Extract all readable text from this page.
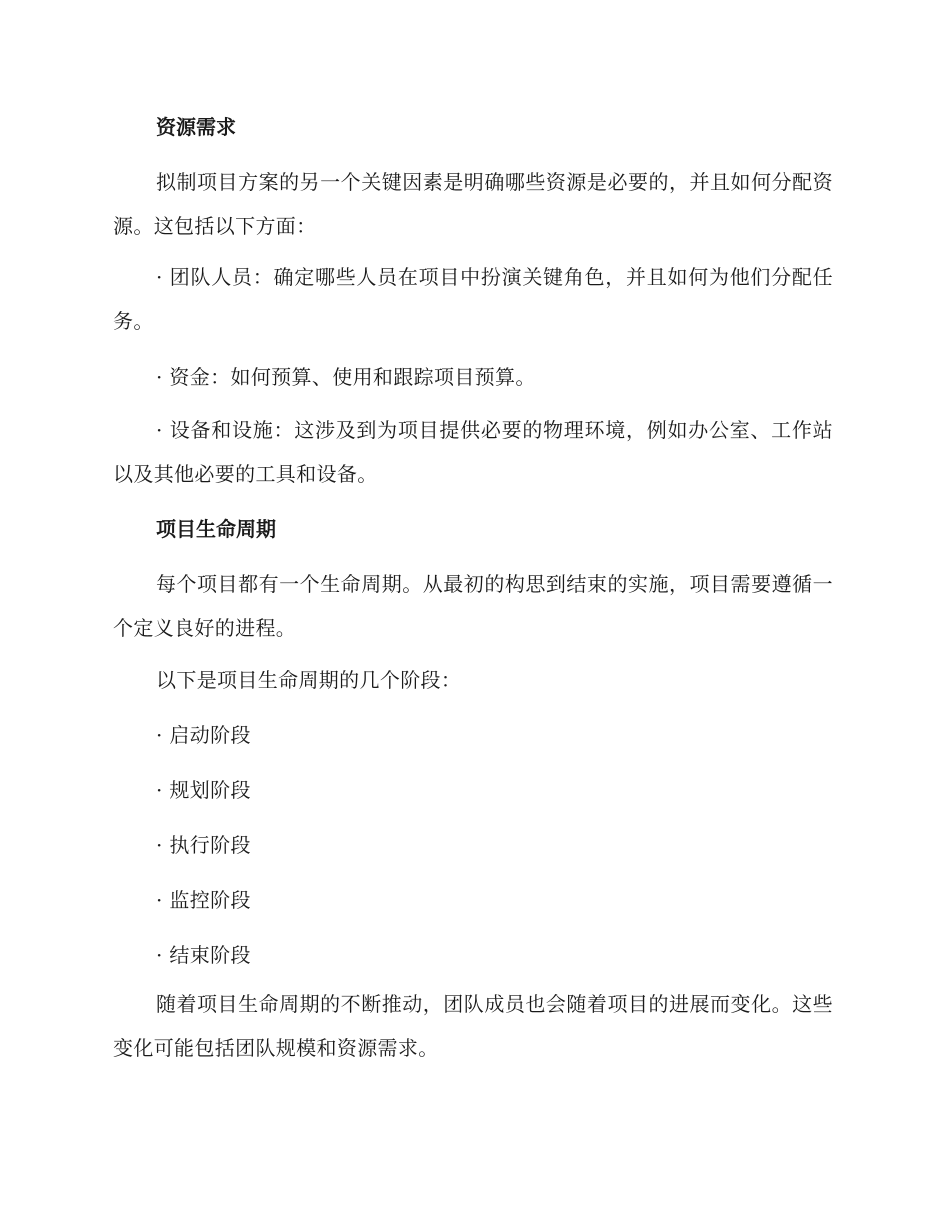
资源需求

拟制项目方案的另一个关键因素是明确哪些资源是必要的，并且如何分配资源。这包括以下方面：

· 团队人员：确定哪些人员在项目中扮演关键角色，并且如何为他们分配任务。

· 资金：如何预算、使用和跟踪项目预算。

· 设备和设施：这涉及到为项目提供必要的物理环境，例如办公室、工作站以及其他必要的工具和设备。

项目生命周期

每个项目都有一个生命周期。从最初的构思到结束的实施，项目需要遵循一个定义良好的进程。

以下是项目生命周期的几个阶段：

· 启动阶段

· 规划阶段

· 执行阶段

· 监控阶段

· 结束阶段

随着项目生命周期的不断推动，团队成员也会随着项目的进展而变化。这些变化可能包括团队规模和资源需求。
